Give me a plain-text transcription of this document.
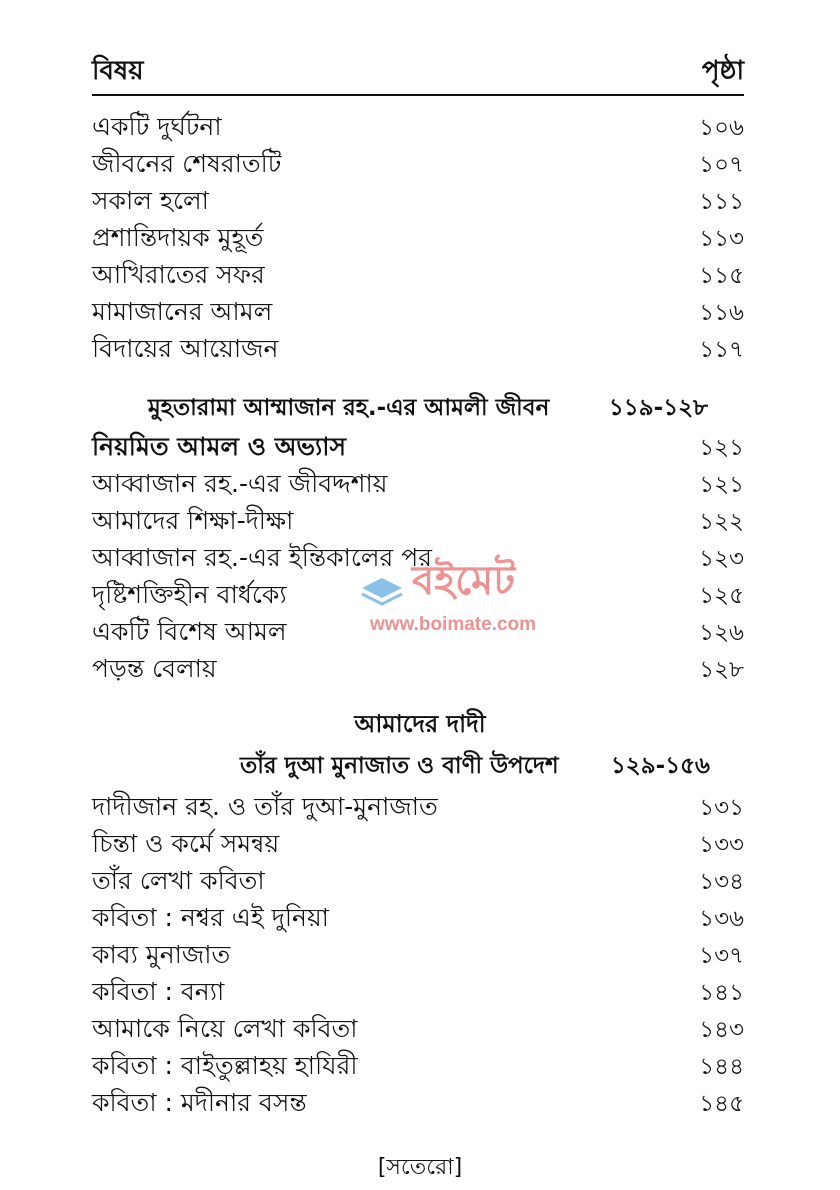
বিষয়	পৃষ্ঠা
একটি দুর্ঘটনা	১০৬
জীবনের শেষরাতটি	১০৭
সকাল হলো	১১১
প্রশান্তিদায়ক মুহূর্ত	১১৩
আখিরাতের সফর	১১৫
মামাজানের আমল	১১৬
বিদায়ের আয়োজন	১১৭
মুহতারামা আম্মাজান রহ.-এর আমলী জীবন	১১৯-১২৮
নিয়মিত আমল ও অভ্যাস	১২১
আব্বাজান রহ.-এর জীবদ্দশায়	১২১
আমাদের শিক্ষা-দীক্ষা	১২২
আব্বাজান রহ.-এর ইন্তিকালের পর	১২৩
দৃষ্টিশক্তিহীন বার্ধক্যে	১২৫
একটি বিশেষ আমল	১২৬
পড়ন্ত বেলায়	১২৮
আমাদের দাদী
তাঁর দুআ মুনাজাত ও বাণী উপদেশ ১২৯-১৫৬
দাদীজান রহ. ও তাঁর দুআ-মুনাজাত	১৩১
চিন্তা ও কর্মে সমন্বয়	১৩৩
তাঁর লেখা কবিতা	১৩৪
কবিতা : নশ্বর এই দুনিয়া	১৩৬
কাব্য মুনাজাত	১৩৭
কবিতা : বন্যা	১৪১
আমাকে নিয়ে লেখা কবিতা	১৪৩
কবিতা : বাইতুল্লাহয় হাযিরী	১৪৪
কবিতা : মদীনার বসন্ত	১৪৫
বইমেট
www.boimate.com
[সতেরো]
